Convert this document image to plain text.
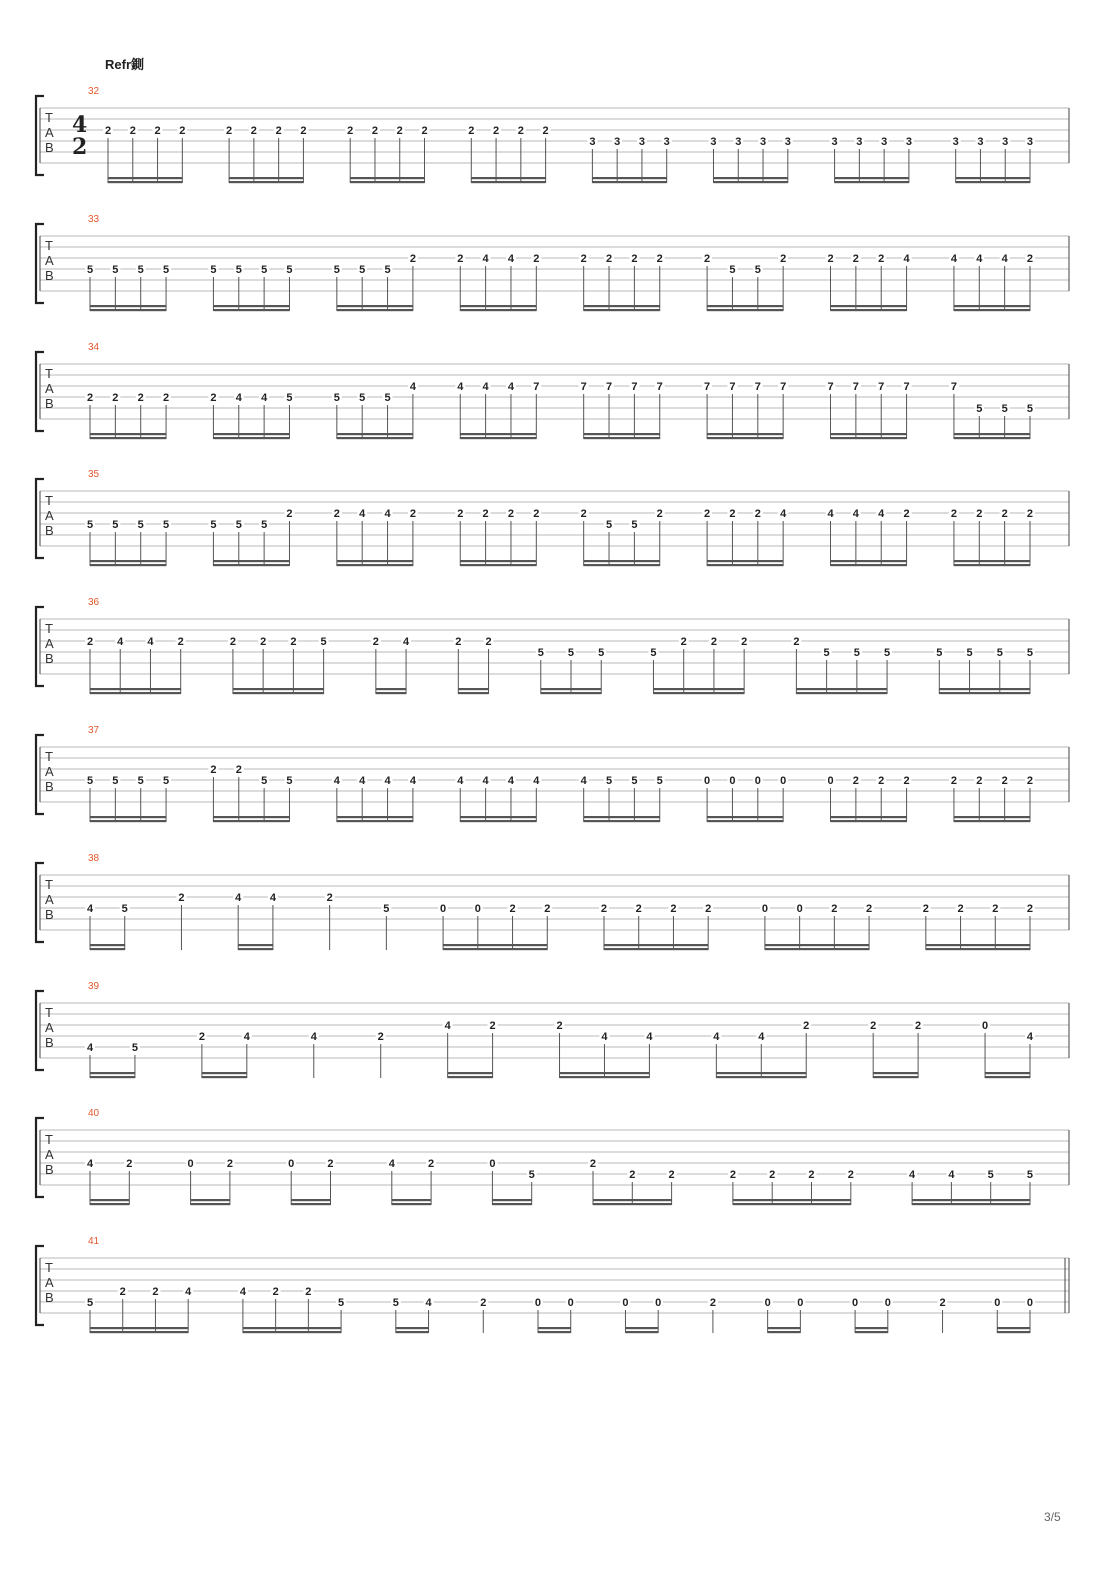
Refr鍘
32
T
A
B
4
2
2 2 2 2	2 2 2 2	2 2 2 2	2 2 2 2
3 3 3 3	3 3 3 3	3 3 3 3	3 3 3 3
33
T
A
B	5 5 5 5	5 5 5 5	5 5 5
2	2 4 4 2	2 2 2 2	2
5 5
2	2 2 2 4	4 4 4 2
34
T
A
B	2 2 2 2	2 4 4 5	5 5 5
4	4 4 4 7	7 7 7 7	7 7 7 7	7 7 7 7	7
5 5 5
35
T
A
B	5 5 5 5	5 5 5
2	2 4 4 2	2 2 2 2	2
5 5
2	2 2 2 4	4 4 4 2	2 2 2 2
36
T
A
B
2 4 4 2	2 2 2 5	2 4	2 2
5 5 5	5
2 2 2	2
5 5 5	5 5 5 5
37
T
A
B	5 5 5 5
2 2
5 5	4 4 4 4	4 4 4 4	4 5 5 5	0 0 0 0	0 2 2 2	2 2 2 2
38
T
A
B	4	5
2	4	4	2
5	0	0	2	2	2	2	2	2	0	0	2	2	2	2	2	2
39
T
A
B	4	5
2	4	4	2
4	2	2
4	4	4	4
2	2	2	0
4
40
T
A
B	4	2	0	2	0	2	4	2	0
5
2
2	2	2	2	2	2	4	4	5	5
41
T
A
B	5
2 2 4	4 2 2
5	5 4	2	0 0	0 0	2	0 0	0 0	2	0 0
3/5
